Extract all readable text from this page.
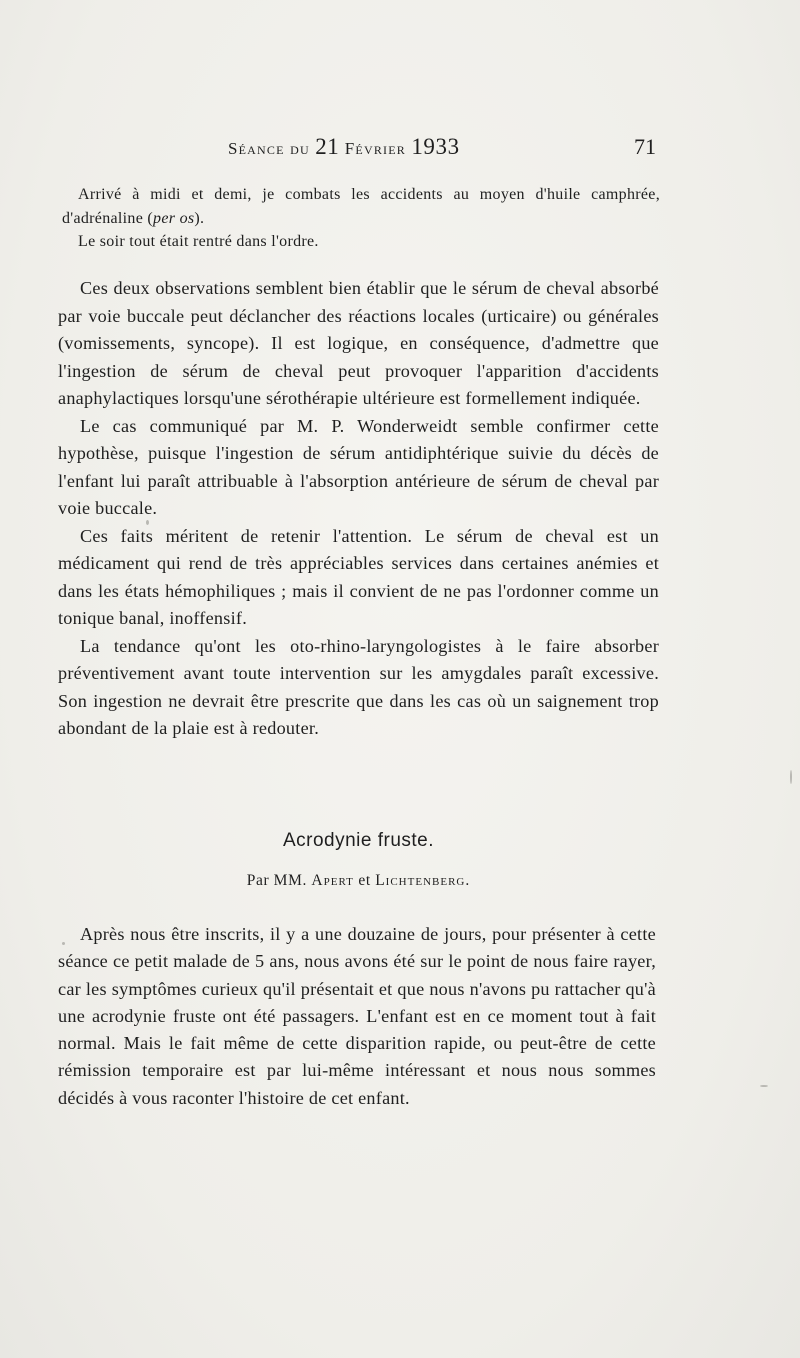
Séance du 21 Février 1933	71

Arrivé à midi et demi, je combats les accidents au moyen d'huile camphrée, d'adrénaline (per os).

Le soir tout était rentré dans l'ordre.

Ces deux observations semblent bien établir que le sérum de cheval absorbé par voie buccale peut déclancher des réactions locales (urticaire) ou générales (vomissements, syncope). Il est logique, en conséquence, d'admettre que l'ingestion de sérum de cheval peut provoquer l'apparition d'accidents anaphylactiques lorsqu'une sérothérapie ultérieure est formellement indiquée.

Le cas communiqué par M. P. Wonderweidt semble confirmer cette hypothèse, puisque l'ingestion de sérum antidiphtérique suivie du décès de l'enfant lui paraît attribuable à l'absorption antérieure de sérum de cheval par voie buccale.

Ces faits méritent de retenir l'attention. Le sérum de cheval est un médicament qui rend de très appréciables services dans certaines anémies et dans les états hémophiliques ; mais il convient de ne pas l'ordonner comme un tonique banal, inoffensif.

La tendance qu'ont les oto-rhino-laryngologistes à le faire absorber préventivement avant toute intervention sur les amygdales paraît excessive. Son ingestion ne devrait être prescrite que dans les cas où un saignement trop abondant de la plaie est à redouter.

Acrodynie fruste.
Par MM. Apert et Lichtenberg.

Après nous être inscrits, il y a une douzaine de jours, pour présenter à cette séance ce petit malade de 5 ans, nous avons été sur le point de nous faire rayer, car les symptômes curieux qu'il présentait et que nous n'avons pu rattacher qu'à une acrodynie fruste ont été passagers. L'enfant est en ce moment tout à fait normal. Mais le fait même de cette disparition rapide, ou peut-être de cette rémission temporaire est par lui-même intéressant et nous nous sommes décidés à vous raconter l'histoire de cet enfant.
